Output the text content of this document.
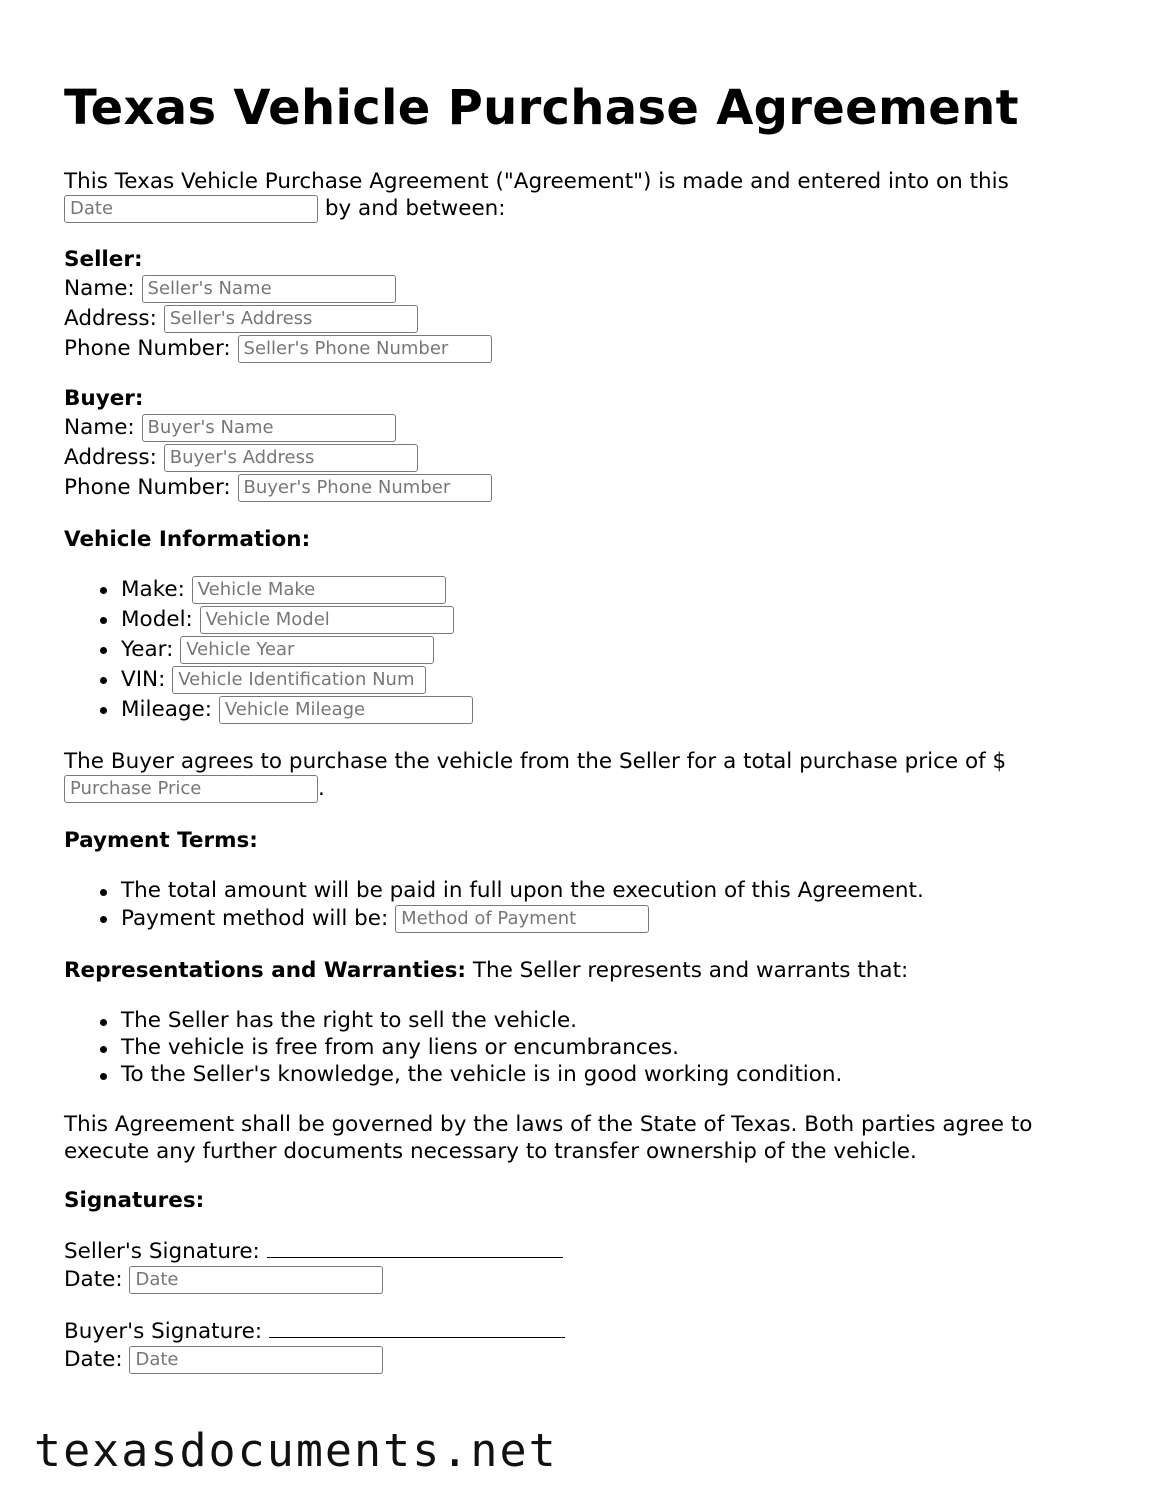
Texas Vehicle Purchase Agreement
This Texas Vehicle Purchase Agreement ("Agreement") is made and entered into on this
Date	by and between:
Seller:
Name: Seller's Name
Address: Seller's Address
Phone Number: Seller's Phone Number
Buyer:
Name: Buyer's Name
Address: Buyer's Address
Phone Number: Buyer's Phone Number
Vehicle Information:
Make: Vehicle Make
Model: Vehicle Model
Year: Vehicle Year
VIN: Vehicle Identification Num
Mileage: Vehicle Mileage
The Buyer agrees to purchase the vehicle from the Seller for a total purchase price of $
Purchase Price	.
Payment Terms:
The total amount will be paid in full upon the execution of this Agreement.
Payment method will be: Method of Payment
Representations and Warranties: The Seller represents and warrants that:
The Seller has the right to sell the vehicle.
The vehicle is free from any liens or encumbrances.
To the Seller's knowledge, the vehicle is in good working condition.
This Agreement shall be governed by the laws of the State of Texas. Both parties agree to
execute any further documents necessary to transfer ownership of the vehicle.
Signatures:
Seller's Signature:
Date: Date
Buyer's Signature:
Date: Date
texasdocuments.net
